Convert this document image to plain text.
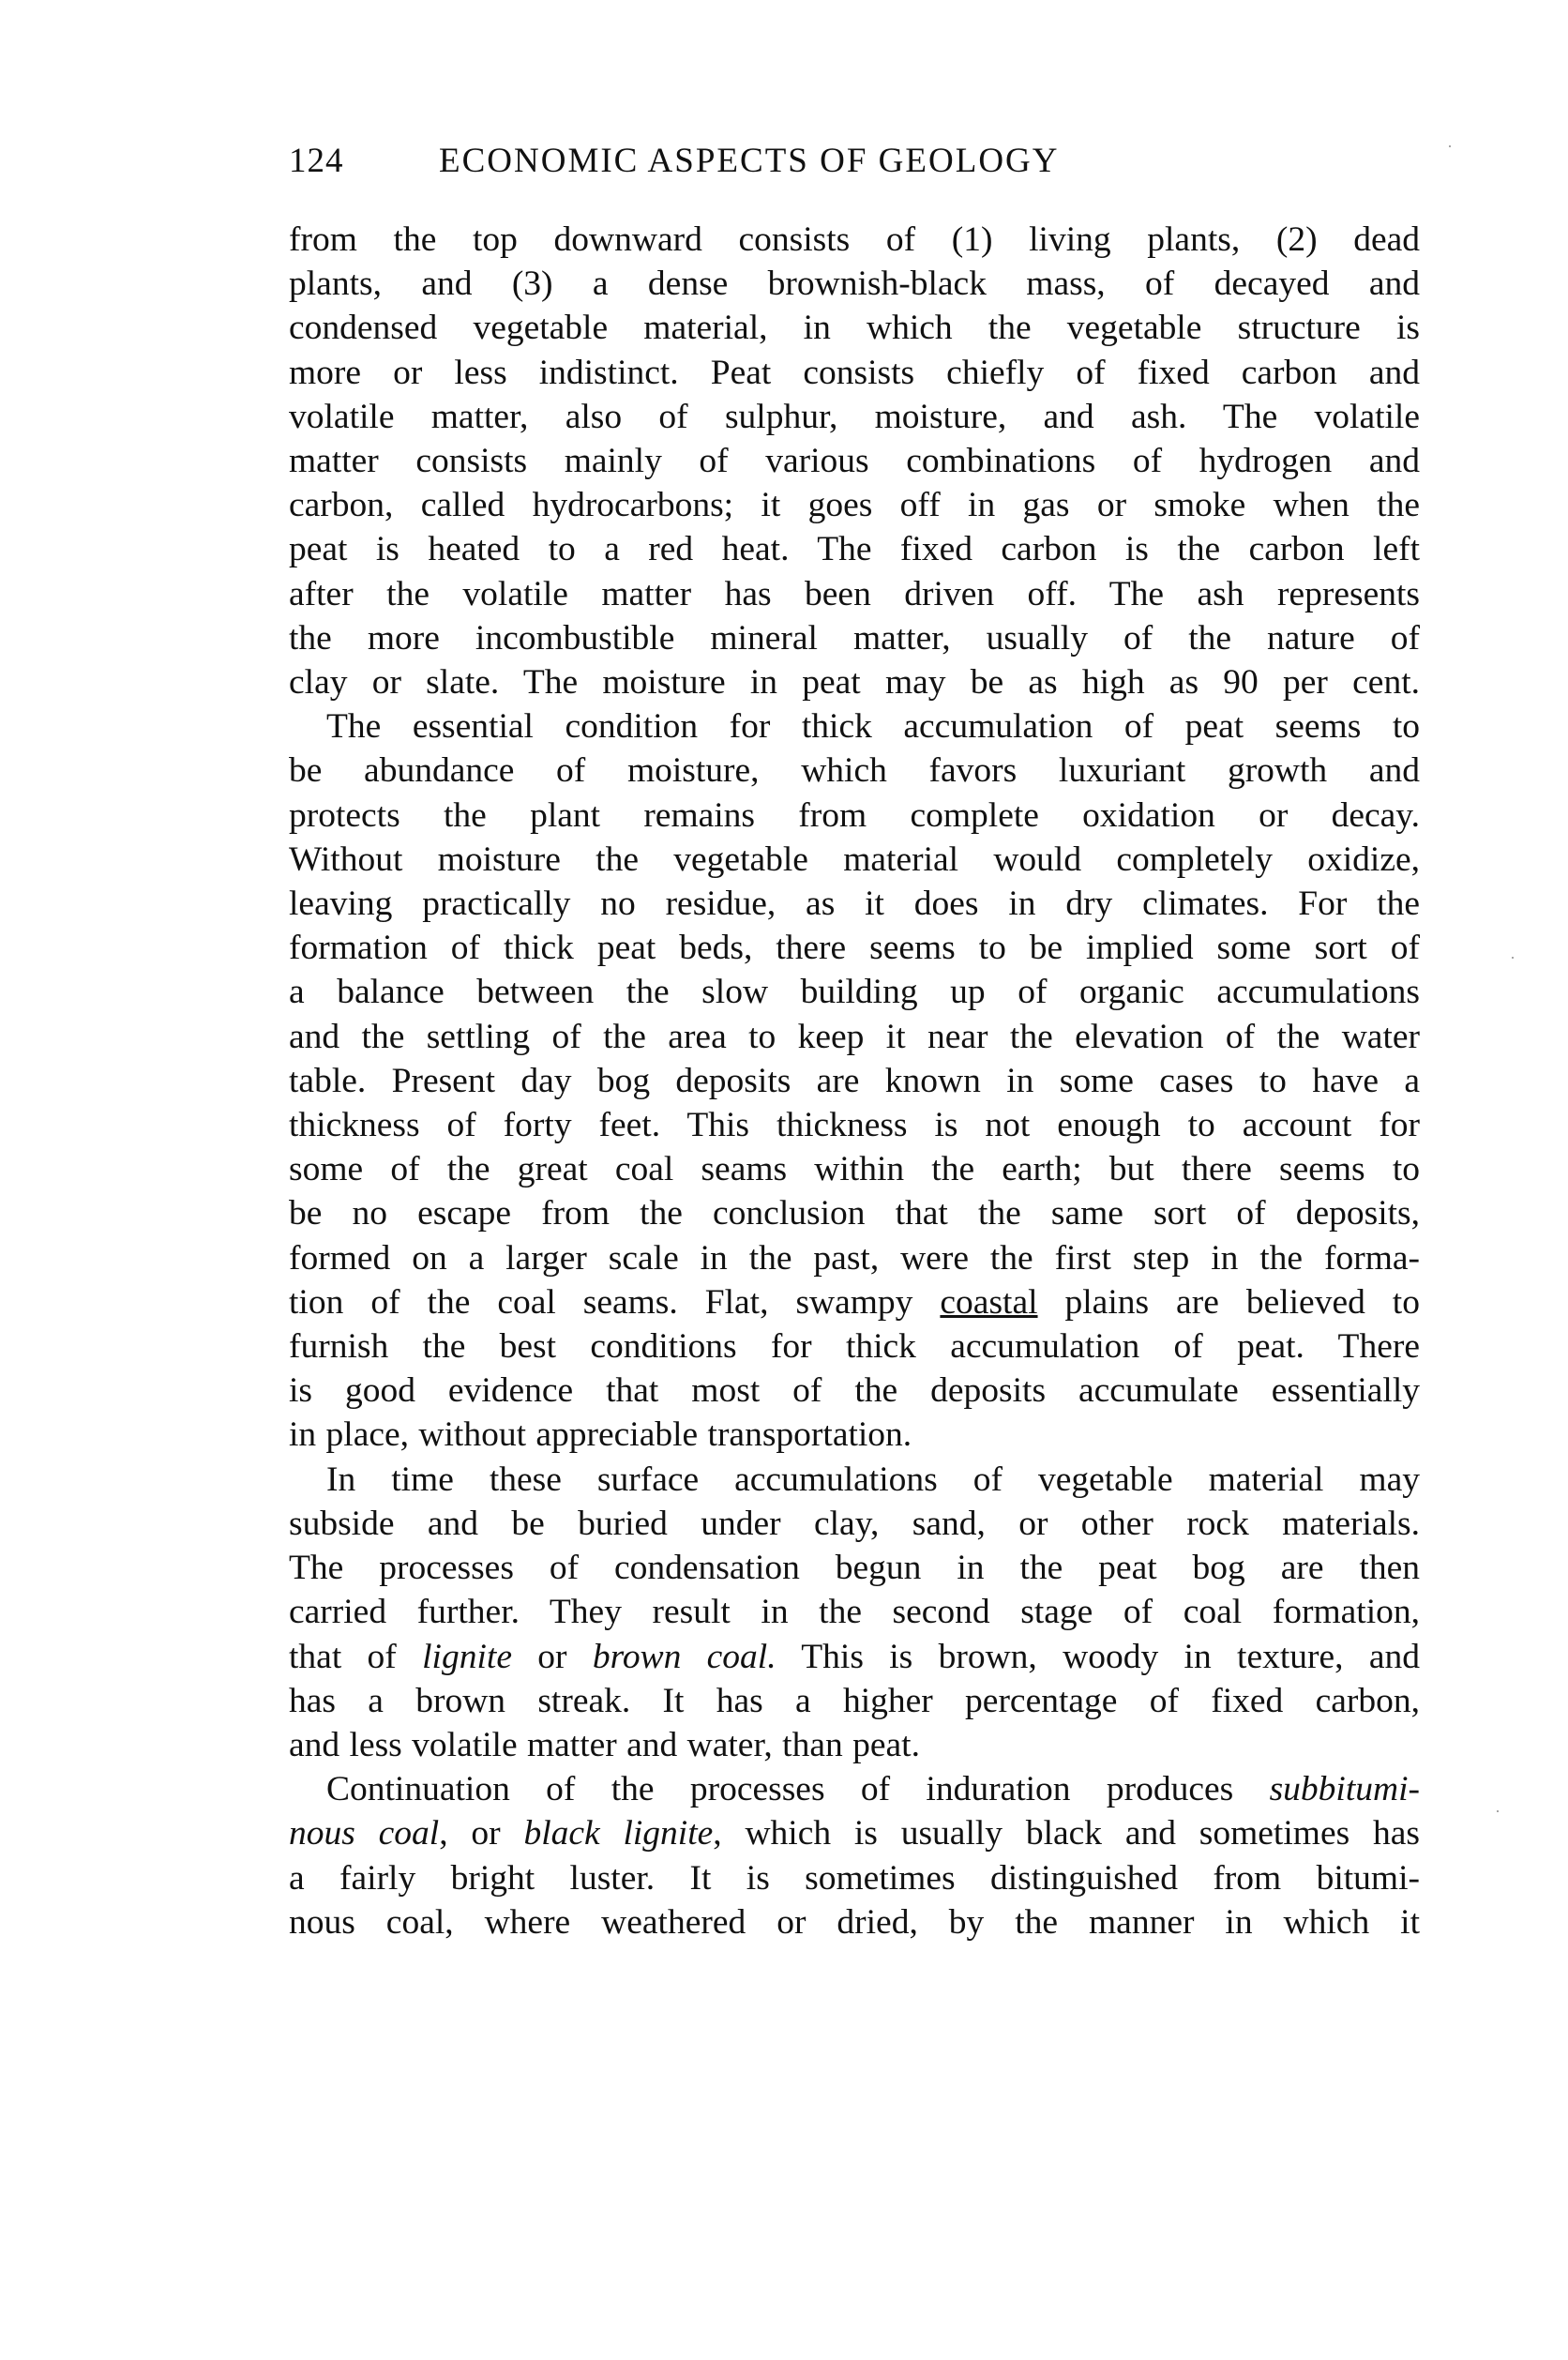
124	ECONOMIC ASPECTS OF GEOLOGY

from the top downward consists of (1) living plants, (2) dead
plants, and (3) a dense brownish-black mass, of decayed and
condensed vegetable material, in which the vegetable structure is
more or less indistinct. Peat consists chiefly of fixed carbon and
volatile matter, also of sulphur, moisture, and ash. The volatile
matter consists mainly of various combinations of hydrogen and
carbon, called hydrocarbons; it goes off in gas or smoke when the
peat is heated to a red heat. The fixed carbon is the carbon left
after the volatile matter has been driven off. The ash represents
the more incombustible mineral matter, usually of the nature of
clay or slate. The moisture in peat may be as high as 90 per cent.

The essential condition for thick accumulation of peat seems to
be abundance of moisture, which favors luxuriant growth and
protects the plant remains from complete oxidation or decay.
Without moisture the vegetable material would completely oxidize,
leaving practically no residue, as it does in dry climates. For the
formation of thick peat beds, there seems to be implied some sort of
a balance between the slow building up of organic accumulations
and the settling of the area to keep it near the elevation of the water
table. Present day bog deposits are known in some cases to have a
thickness of forty feet. This thickness is not enough to account for
some of the great coal seams within the earth; but there seems to
be no escape from the conclusion that the same sort of deposits,
formed on a larger scale in the past, were the first step in the forma-
tion of the coal seams. Flat, swampy coastal plains are believed to
furnish the best conditions for thick accumulation of peat. There
is good evidence that most of the deposits accumulate essentially
in place, without appreciable transportation.

In time these surface accumulations of vegetable material may
subside and be buried under clay, sand, or other rock materials.
The processes of condensation begun in the peat bog are then
carried further. They result in the second stage of coal formation,
that of lignite or brown coal. This is brown, woody in texture, and
has a brown streak. It has a higher percentage of fixed carbon,
and less volatile matter and water, than peat.

Continuation of the processes of induration produces subbitumi-
nous coal, or black lignite, which is usually black and sometimes has
a fairly bright luster. It is sometimes distinguished from bitumi-
nous coal, where weathered or dried, by the manner in which it
